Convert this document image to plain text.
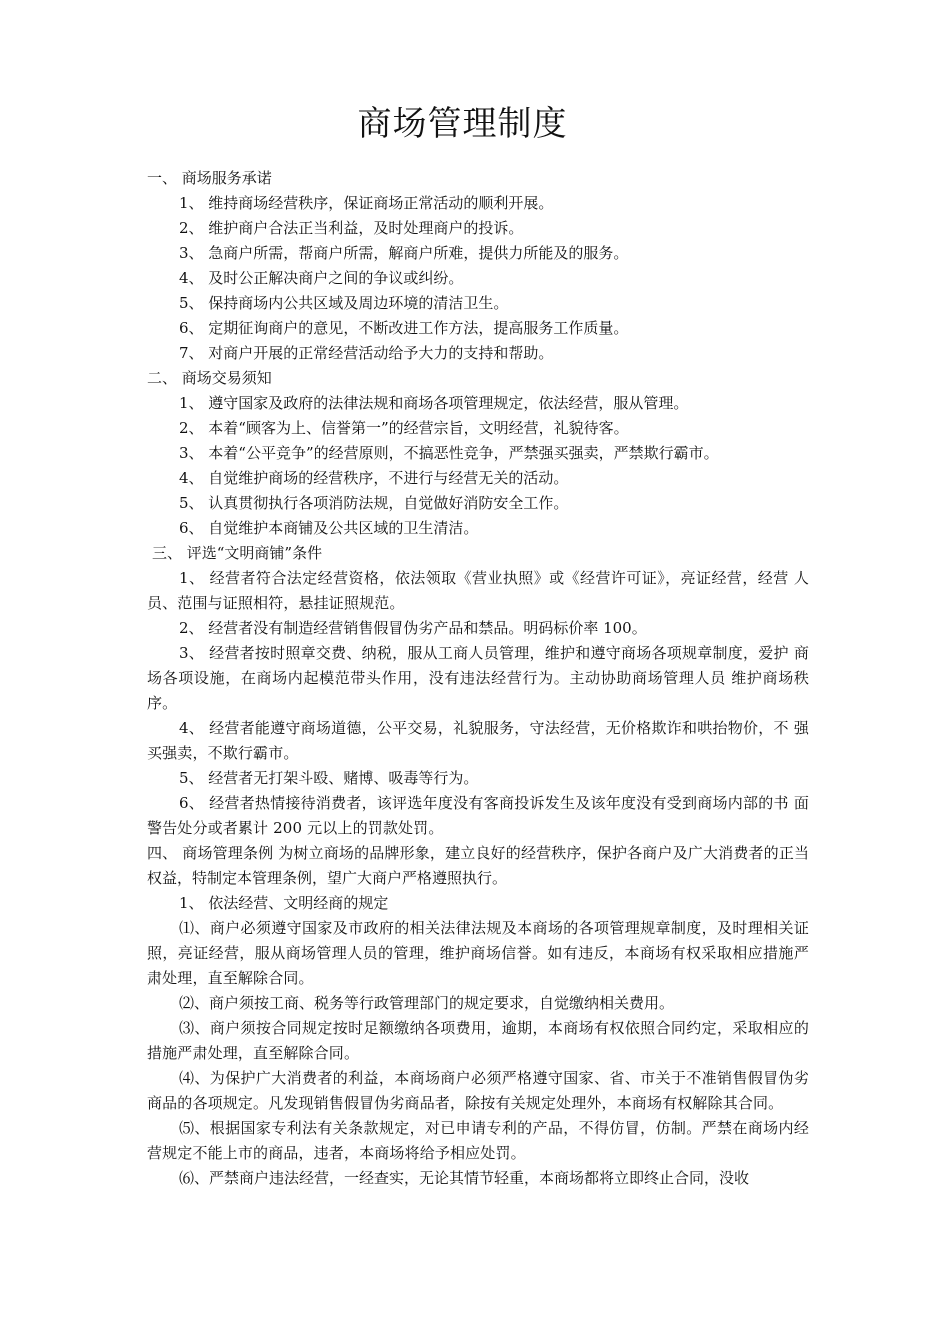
商场管理制度
一、 商场服务承诺
1、 维持商场经营秩序，保证商场正常活动的顺利开展。
2、 维护商户合法正当利益，及时处理商户的投诉。
3、 急商户所需，帮商户所需，解商户所难，提供力所能及的服务。
4、 及时公正解决商户之间的争议或纠纷。
5、 保持商场内公共区域及周边环境的清洁卫生。
6、 定期征询商户的意见，不断改进工作方法，提高服务工作质量。
7、 对商户开展的正常经营活动给予大力的支持和帮助。
二、 商场交易须知
1、 遵守国家及政府的法律法规和商场各项管理规定，依法经营，服从管理。
2、 本着“顾客为上、信誉第一”的经营宗旨，文明经营，礼貌待客。
3、 本着“公平竞争”的经营原则，不搞恶性竞争，严禁强买强卖，严禁欺行霸市。
4、 自觉维护商场的经营秩序，不进行与经营无关的活动。
5、 认真贯彻执行各项消防法规，自觉做好消防安全工作。
6、 自觉维护本商铺及公共区域的卫生清洁。
三、 评选“文明商铺”条件
1、 经营者符合法定经营资格，依法领取《营业执照》或《经营许可证》，亮证经营，经营 人员、范围与证照相符，悬挂证照规范。
2、 经营者没有制造经营销售假冒伪劣产品和禁品。明码标价率 100。
3、 经营者按时照章交费、纳税，服从工商人员管理，维护和遵守商场各项规章制度，爱护 商场各项设施，在商场内起模范带头作用，没有违法经营行为。主动协助商场管理人员 维护商场秩序。
4、 经营者能遵守商场道德，公平交易，礼貌服务，守法经营，无价格欺诈和哄抬物价，不 强买强卖，不欺行霸市。
5、 经营者无打架斗殴、赌博、吸毒等行为。
6、 经营者热情接待消费者，该评选年度没有客商投诉发生及该年度没有受到商场内部的书 面警告处分或者累计 200 元以上的罚款处罚。
四、 商场管理条例 为树立商场的品牌形象，建立良好的经营秩序，保护各商户及广大消费者的正当权益，特制定本管理条例，望广大商户严格遵照执行。
1、 依法经营、文明经商的规定
⑴、商户必须遵守国家及市政府的相关法律法规及本商场的各项管理规章制度，及时理相关证照，亮证经营，服从商场管理人员的管理，维护商场信誉。如有违反，本商场有权采取相应措施严肃处理，直至解除合同。
⑵、商户须按工商、税务等行政管理部门的规定要求，自觉缴纳相关费用。
⑶、商户须按合同规定按时足额缴纳各项费用，逾期，本商场有权依照合同约定，采取相应的措施严肃处理，直至解除合同。
⑷、为保护广大消费者的利益，本商场商户必须严格遵守国家、省、市关于不准销售假冒伪劣商品的各项规定。凡发现销售假冒伪劣商品者，除按有关规定处理外，本商场有权解除其合同。
⑸、根据国家专利法有关条款规定，对已申请专利的产品，不得仿冒，仿制。严禁在商场内经营规定不能上市的商品，违者，本商场将给予相应处罚。
⑹、严禁商户违法经营，一经查实，无论其情节轻重，本商场都将立即终止合同，没收
